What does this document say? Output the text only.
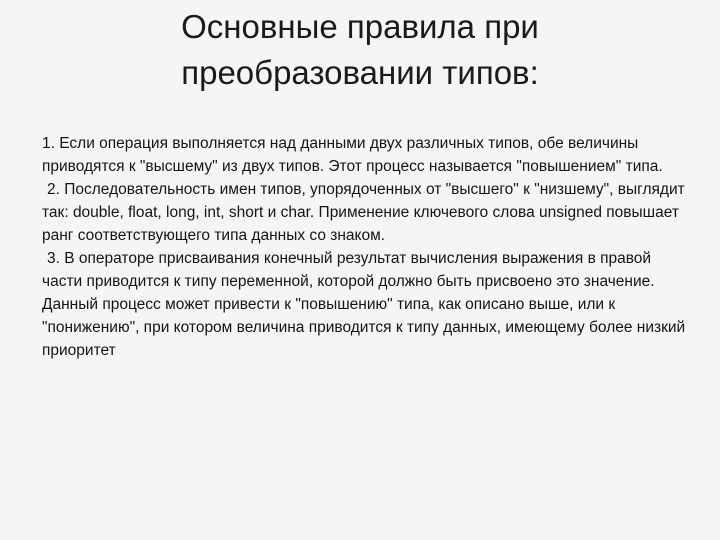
Основные правила при
преобразовании типов:

1. Если операция выполняется над данными двух различных типов, обе величины приводятся к "высшему" из двух типов. Этот процесс называется "повышением" типа.

2. Последовательность имен типов, упорядоченных от "высшего" к "низшему", выглядит так: double, float, long, int, short и char. Применение ключевого слова unsigned повышает ранг соответствующего типа данных со знаком.

3. В операторе присваивания конечный результат вычисления выражения в правой части приводится к типу переменной, которой должно быть присвоено это значение. Данный процесс может привести к "повышению" типа, как описано выше, или к "понижению", при котором величина приводится к типу данных, имеющему более низкий приоритет
